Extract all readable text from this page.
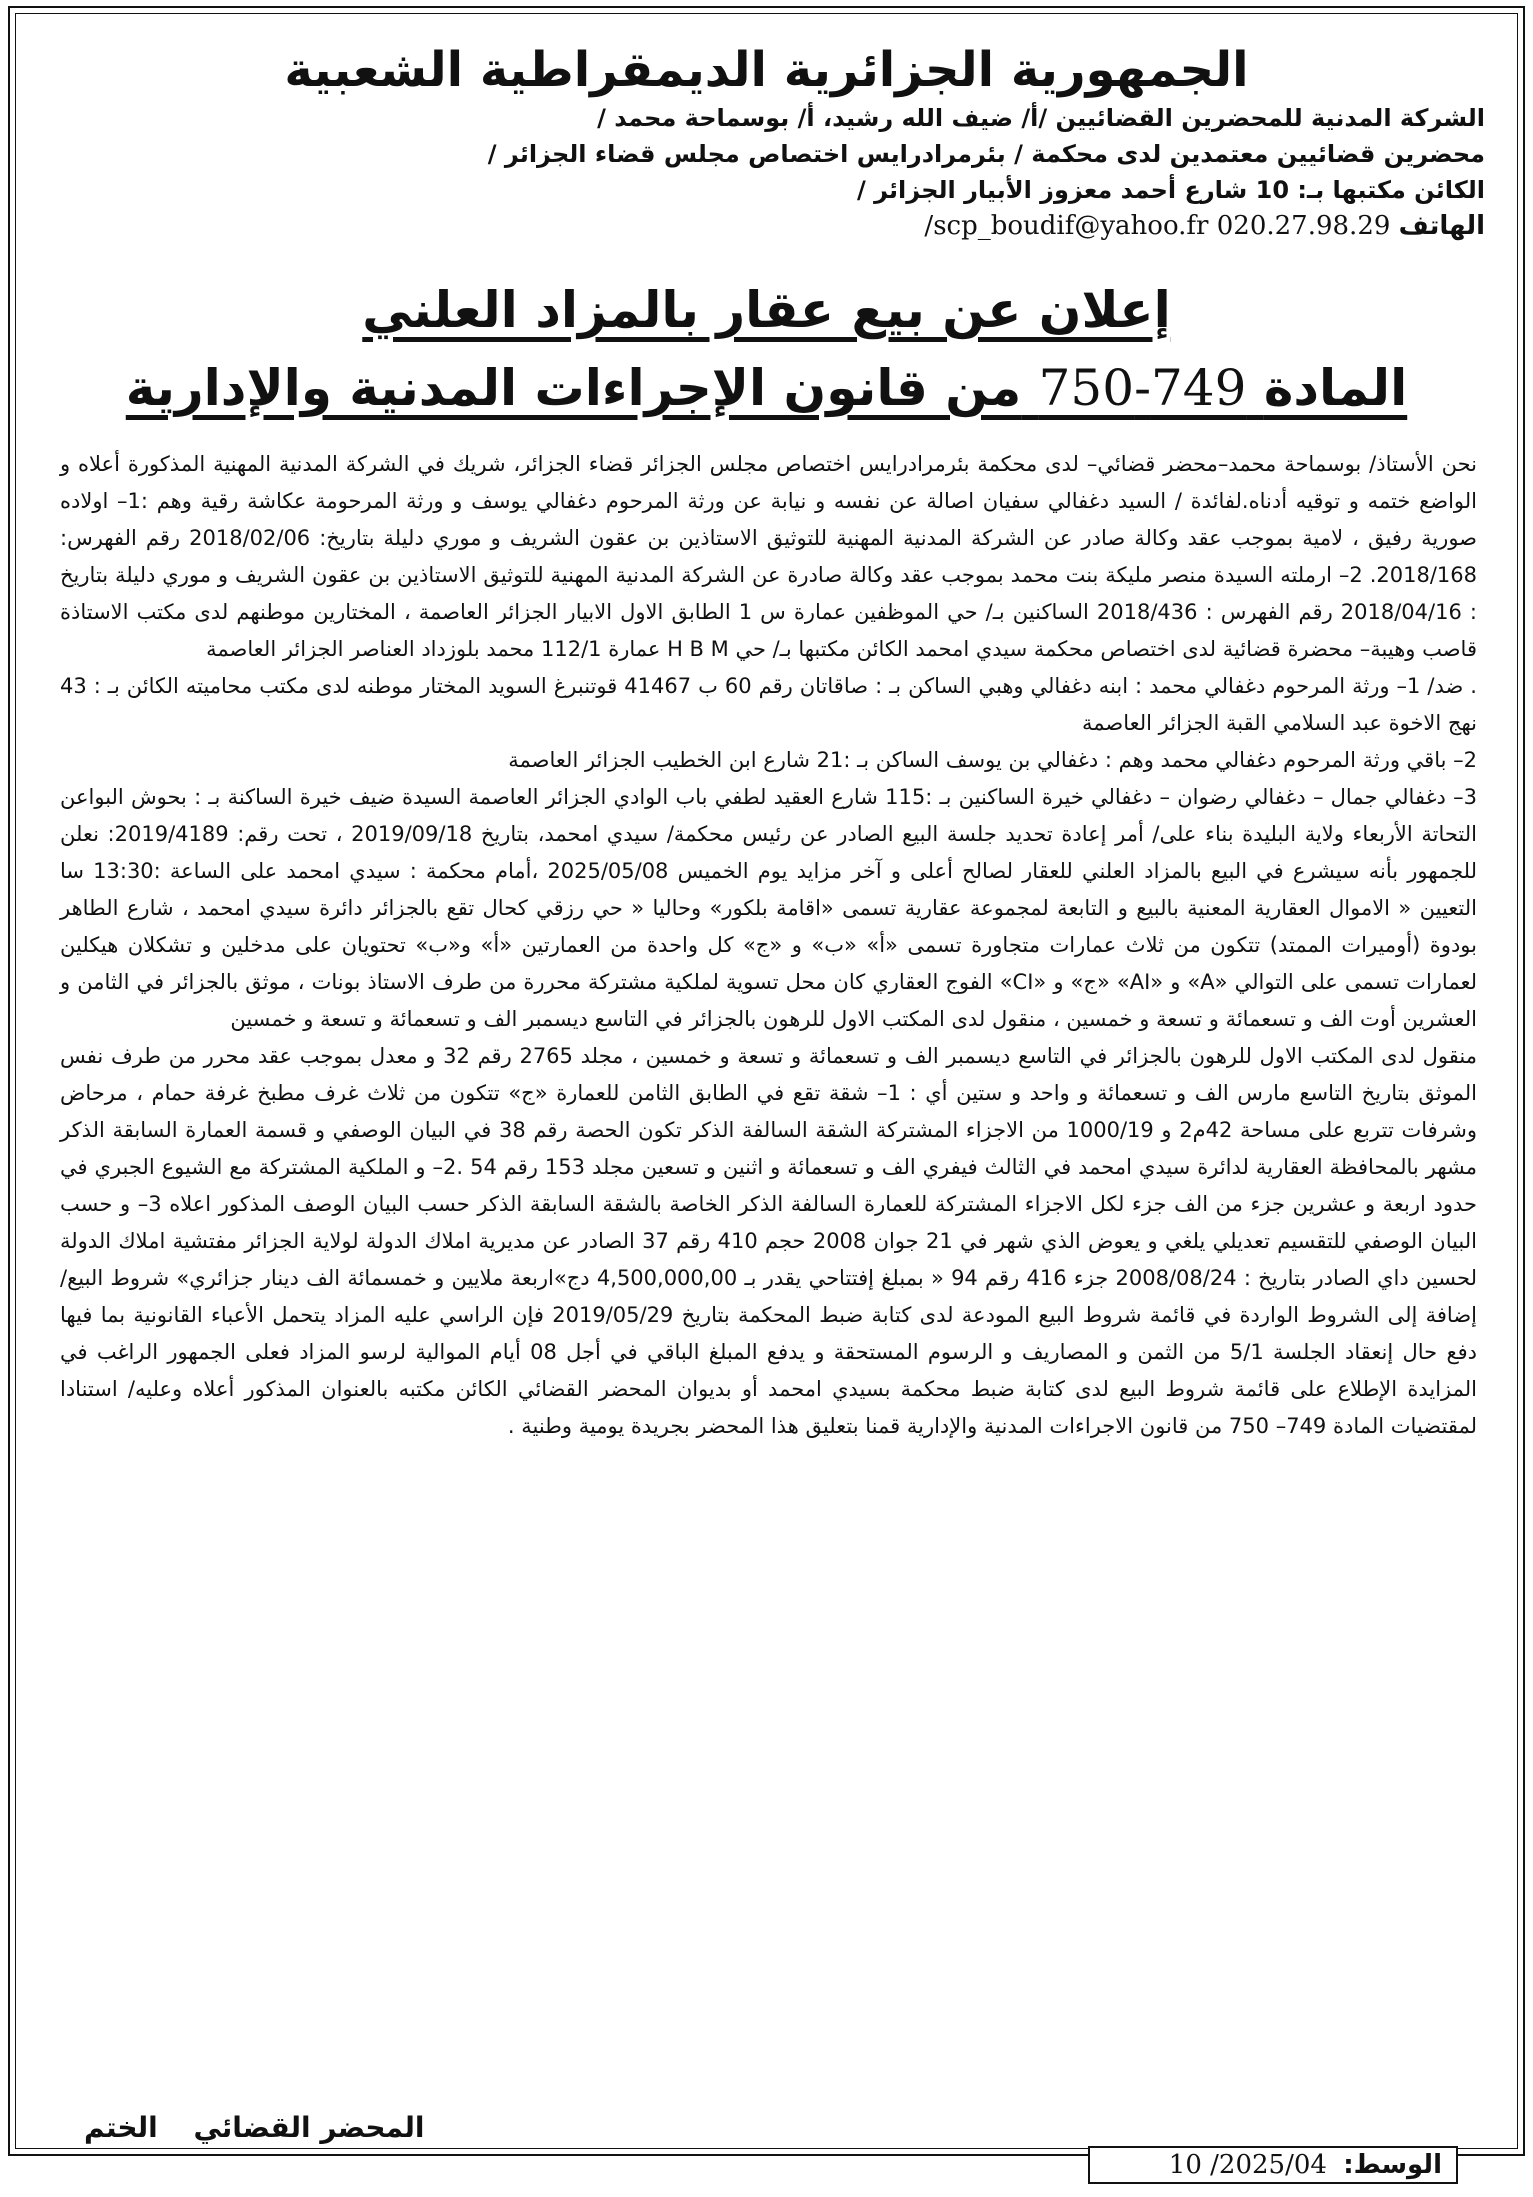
الجمهورية الجزائرية الديمقراطية الشعبية

الشركة المدنية للمحضرين القضائيين /أ/ ضيف الله رشيد، أ/ بوسماحة محمد /

محضرين قضائيين معتمدين لدى محكمة / بئرمرادرايس اختصاص مجلس قضاء الجزائر /

الكائن مكتبها بـ: 10 شارع أحمد معزوز الأبيار الجزائر /

الهاتف 020.27.98.29 scp_boudif@yahoo.fr/

إعلان عن بيع عقار بالمزاد العلني

المادة 749-750 من قانون الإجراءات المدنية والإدارية

نحن الأستاذ/ بوسماحة محمد–محضر قضائي– لدى محكمة بئرمرادرايس اختصاص مجلس الجزائر قضاء الجزائر، شريك في الشركة المدنية المهنية المذكورة أعلاه و الواضع ختمه و توقيه أدناه.لفائدة / السيد دغفالي سفيان اصالة عن نفسه و نيابة عن ورثة المرحوم دغفالي يوسف و ورثة المرحومة عكاشة رقية وهم :1– اولاده صورية رفيق ، لامية بموجب عقد وكالة صادر عن الشركة المدنية المهنية للتوثيق الاستاذين بن عقون الشريف و موري دليلة بتاريخ: 2018/02/06 رقم الفهرس: 2018/168. 2– ارملته السيدة منصر مليكة بنت محمد بموجب عقد وكالة صادرة عن الشركة المدنية المهنية للتوثيق الاستاذين بن عقون الشريف و موري دليلة بتاريخ : 2018/04/16 رقم الفهرس : 2018/436 الساكنين بـ/ حي الموظفين عمارة س 1 الطابق الاول الابيار الجزائر العاصمة ، المختارين موطنهم لدى مكتب الاستاذة قاصب وهيبة– محضرة قضائية لدى اختصاص محكمة سيدي امحمد الكائن مكتبها بـ/ حي H B M عمارة 112/1 محمد بلوزداد العناصر الجزائر العاصمة

. ضد/ 1– ورثة المرحوم دغفالي محمد : ابنه دغفالي وهبي الساكن بـ : صاقاتان رقم 60 ب 41467 قوتنبرغ السويد المختار موطنه لدى مكتب محاميته الكائن بـ : 43 نهج الاخوة عبد السلامي القبة الجزائر العاصمة

2– باقي ورثة المرحوم دغفالي محمد وهم : دغفالي بن يوسف الساكن بـ :21 شارع ابن الخطيب الجزائر العاصمة

3– دغفالي جمال – دغفالي رضوان – دغفالي خيرة الساكنين بـ :115 شارع العقيد لطفي باب الوادي الجزائر العاصمة السيدة ضيف خيرة الساكنة بـ : بحوش البواعن التحاتة الأربعاء ولاية البليدة بناء على/ أمر إعادة تحديد جلسة البيع الصادر عن رئيس محكمة/ سيدي امحمد، بتاريخ 2019/09/18 ، تحت رقم: 2019/4189: نعلن للجمهور بأنه سيشرع في البيع بالمزاد العلني للعقار لصالح أعلى و آخر مزايد يوم الخميس 2025/05/08 ،أمام محكمة : سيدي امحمد على الساعة :13:30 سا التعيين « الاموال العقارية المعنية بالبيع و التابعة لمجموعة عقارية تسمى «اقامة بلكور» وحاليا « حي رزقي كحال تقع بالجزائر دائرة سيدي امحمد ، شارع الطاهر بودوة (أوميرات الممتد) تتكون من ثلاث عمارات متجاورة تسمى «أ» «ب» و «ج» كل واحدة من العمارتين «أ» و«ب» تحتويان على مدخلين و تشكلان هيكلين لعمارات تسمى على التوالي «A» و «AI» «ج» و «CI» الفوج العقاري كان محل تسوية لملكية مشتركة محررة من طرف الاستاذ بونات ، موثق بالجزائر في الثامن و العشرين أوت الف و تسعمائة و تسعة و خمسين ، منقول لدى المكتب الاول للرهون بالجزائر في التاسع ديسمبر الف و تسعمائة و تسعة و خمسين

منقول لدى المكتب الاول للرهون بالجزائر في التاسع ديسمبر الف و تسعمائة و تسعة و خمسين ، مجلد 2765 رقم 32 و معدل بموجب عقد محرر من طرف نفس الموثق بتاريخ التاسع مارس الف و تسعمائة و واحد و ستين أي : 1– شقة تقع في الطابق الثامن للعمارة «ج» تتكون من ثلاث غرف مطبخ غرفة حمام ، مرحاض وشرفات تتربع على مساحة 42م2 و 1000/19 من الاجزاء المشتركة الشقة السالفة الذكر تكون الحصة رقم 38 في البيان الوصفي و قسمة العمارة السابقة الذكر مشهر بالمحافظة العقارية لدائرة سيدي امحمد في الثالث فيفري الف و تسعمائة و اثنين و تسعين مجلد 153 رقم 54 .2– و الملكية المشتركة مع الشيوع الجبري في حدود اربعة و عشرين جزء من الف جزء لكل الاجزاء المشتركة للعمارة السالفة الذكر الخاصة بالشقة السابقة الذكر حسب البيان الوصف المذكور اعلاه 3– و حسب البيان الوصفي للتقسيم تعديلي يلغي و يعوض الذي شهر في 21 جوان 2008 حجم 410 رقم 37 الصادر عن مديرية املاك الدولة لولاية الجزائر مفتشية املاك الدولة لحسين داي الصادر بتاريخ : 2008/08/24 جزء 416 رقم 94 « بمبلغ إفتتاحي يقدر بـ 4,500,000,00 دج»اربعة ملايين و خمسمائة الف دينار جزائري» شروط البيع/ إضافة إلى الشروط الواردة في قائمة شروط البيع المودعة لدى كتابة ضبط المحكمة بتاريخ 2019/05/29 فإن الراسي عليه المزاد يتحمل الأعباء القانونية بما فيها دفع حال إنعقاد الجلسة 5/1 من الثمن و المصاريف و الرسوم المستحقة و يدفع المبلغ الباقي في أجل 08 أيام الموالية لرسو المزاد فعلى الجمهور الراغب في المزايدة الإطلاع على قائمة شروط البيع لدى كتابة ضبط محكمة بسيدي امحمد أو بديوان المحضر القضائي الكائن مكتبه بالعنوان المذكور أعلاه وعليه/ استنادا لمقتضيات المادة 749– 750 من قانون الاجراءات المدنية والإدارية قمنا بتعليق هذا المحضر بجريدة يومية وطنية .

المحضر القضائي الختم
الوسط: 2025/04/ 10
